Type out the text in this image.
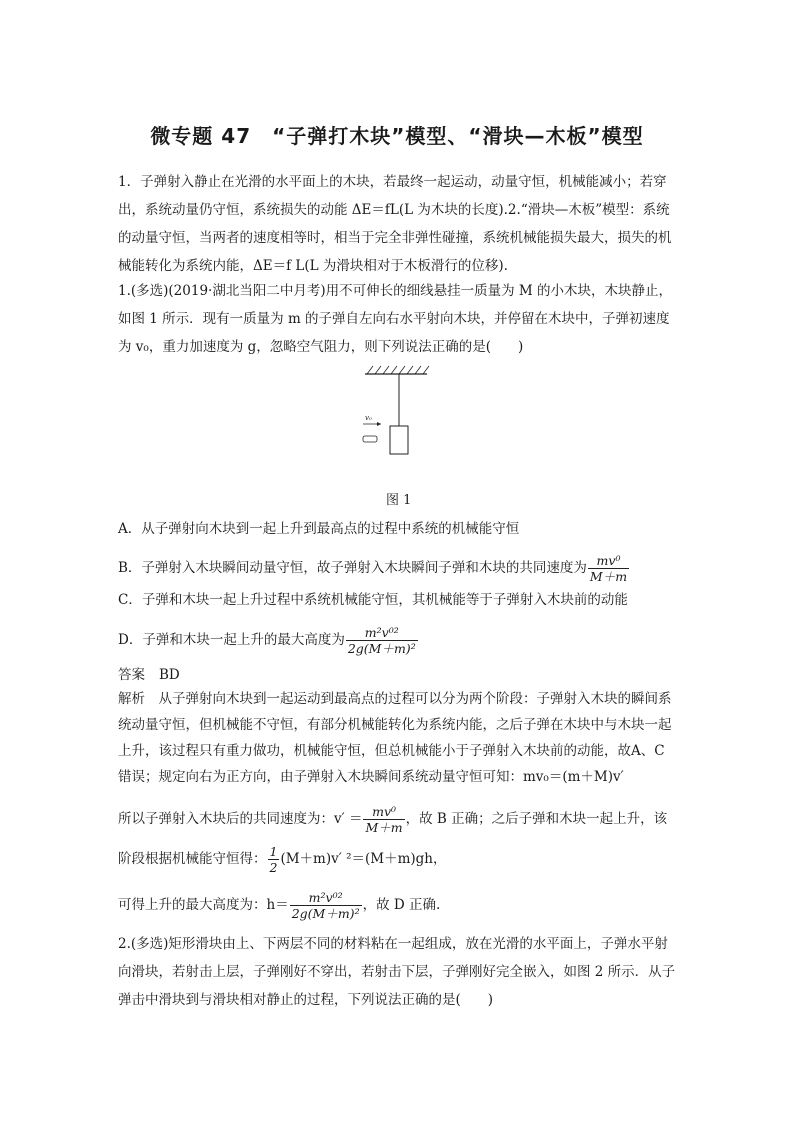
微专题 47　“子弹打木块”模型、“滑块—木板”模型
1．子弹射入静止在光滑的水平面上的木块，若最终一起运动，动量守恒，机械能减小；若穿出，系统动量仍守恒，系统损失的动能 ΔE＝fL(L 为木块的长度).2.“滑块—木板”模型：系统的动量守恒，当两者的速度相等时，相当于完全非弹性碰撞，系统机械能损失最大，损失的机械能转化为系统内能，ΔE＝f L(L 为滑块相对于木板滑行的位移).
1.(多选)(2019·湖北当阳二中月考)用不可伸长的细线悬挂一质量为 M 的小木块，木块静止，如图 1 所示．现有一质量为 m 的子弹自左向右水平射向木块，并停留在木块中，子弹初速度为 v₀，重力加速度为 g，忽略空气阻力，则下列说法正确的是(　　)
v₀
图 1
A．从子弹射向木块到一起上升到最高点的过程中系统的机械能守恒
B．子弹射入木块瞬间动量守恒，故子弹射入木块瞬间子弹和木块的共同速度为 $\frac{\text{mv⁰}}{M+m}$
C．子弹和木块一起上升过程中系统机械能守恒，其机械能等于子弹射入木块前的动能
D．子弹和木块一起上升的最大高度为 $\frac{\text{m²v⁰²}}{\text{2g(M＋m)²}}$
答案 BD
解析　 从子弹射向木块到一起运动到最高点的过程可以分为两个阶段：子弹射入木块的瞬间系统动量守恒，但机械能不守恒，有部分机械能转化为系统内能，之后子弹在木块中与木块一起上升，该过程只有重力做功，机械能守恒，但总机械能小于子弹射入木块前的动能，故A、C 错误；规定向右为正方向，由子弹射入木块瞬间系统动量守恒可知：mv₀＝(m＋M)v′
所以子弹射入木块后的共同速度为：$v' = \frac{\text{mv⁰}}{M+m}$ ，故 B 正确；之后子弹和木块一起上升，该
阶段根据机械能守恒得： $\frac{1}{2} (M+m)v'$ ²＝(M＋m)gh，
可得上升的最大高度为：$h= \frac{\text{m²v⁰²}}{\text{2g(M＋m)²}}$ ，故 D 正确.
2.(多选)矩形滑块由上、下两层不同的材料粘在一起组成，放在光滑的水平面上，子弹水平射向滑块，若射击上层，子弹刚好不穿出，若射击下层，子弹刚好完全嵌入，如图 2 所示．从子弹击中滑块到与滑块相对静止的过程，下列说法正确的是(　　)
